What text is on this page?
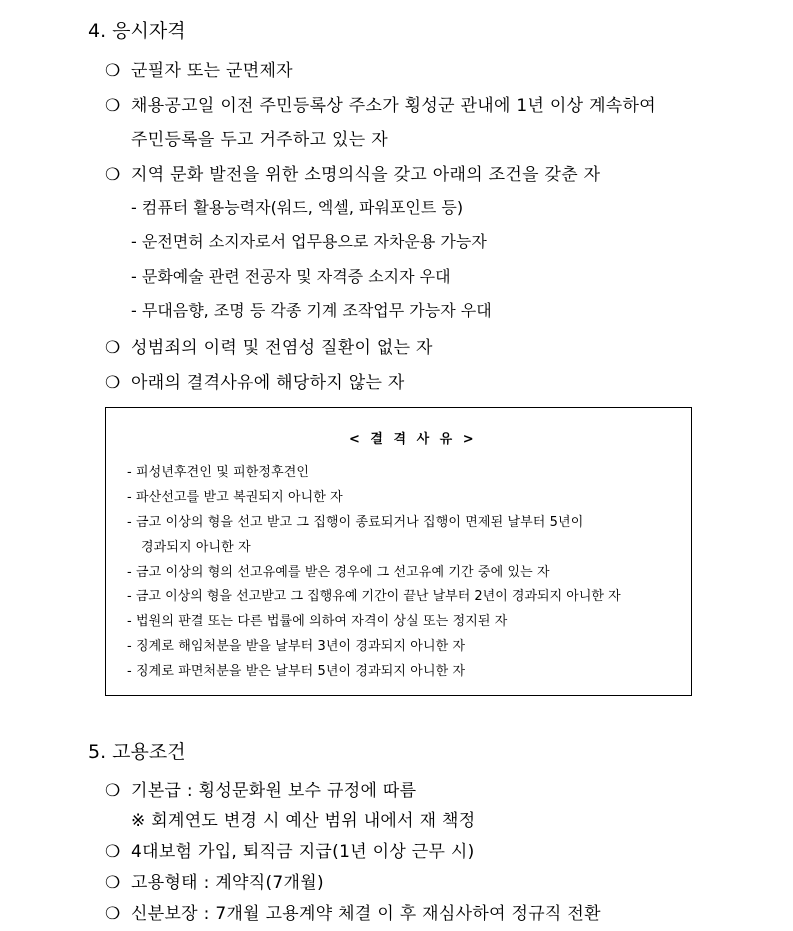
4. 응시자격
❍ 군필자 또는 군면제자
❍ 채용공고일 이전 주민등록상 주소가 횡성군 관내에 1년 이상 계속하여
주민등록을 두고 거주하고 있는 자
❍ 지역 문화 발전을 위한 소명의식을 갖고 아래의 조건을 갖춘 자
- 컴퓨터 활용능력자(워드, 엑셀, 파워포인트 등)
- 운전면허 소지자로서 업무용으로 자차운용 가능자
- 문화예술 관련 전공자 및 자격증 소지자 우대
- 무대음향, 조명 등 각종 기계 조작업무 가능자 우대
❍ 성범죄의 이력 및 전염성 질환이 없는 자
❍ 아래의 결격사유에 해당하지 않는 자
< 결 격 사 유 >
- 피성년후견인 및 피한정후견인
- 파산선고를 받고 복권되지 아니한 자
- 금고 이상의 형을 선고 받고 그 집행이 종료되거나 집행이 면제된 날부터 5년이
경과되지 아니한 자
- 금고 이상의 형의 선고유예를 받은 경우에 그 선고유예 기간 중에 있는 자
- 금고 이상의 형을 선고받고 그 집행유예 기간이 끝난 날부터 2년이 경과되지 아니한 자
- 법원의 판결 또는 다른 법률에 의하여 자격이 상실 또는 정지된 자
- 징계로 해임처분을 받을 날부터 3년이 경과되지 아니한 자
- 징계로 파면처분을 받은 날부터 5년이 경과되지 아니한 자
5. 고용조건
❍ 기본급 : 횡성문화원 보수 규정에 따름
※ 회계연도 변경 시 예산 범위 내에서 재 책정
❍ 4대보험 가입, 퇴직금 지급(1년 이상 근무 시)
❍ 고용형태 : 계약직(7개월)
❍ 신분보장 : 7개월 고용계약 체결 이 후 재심사하여 정규직 전환
